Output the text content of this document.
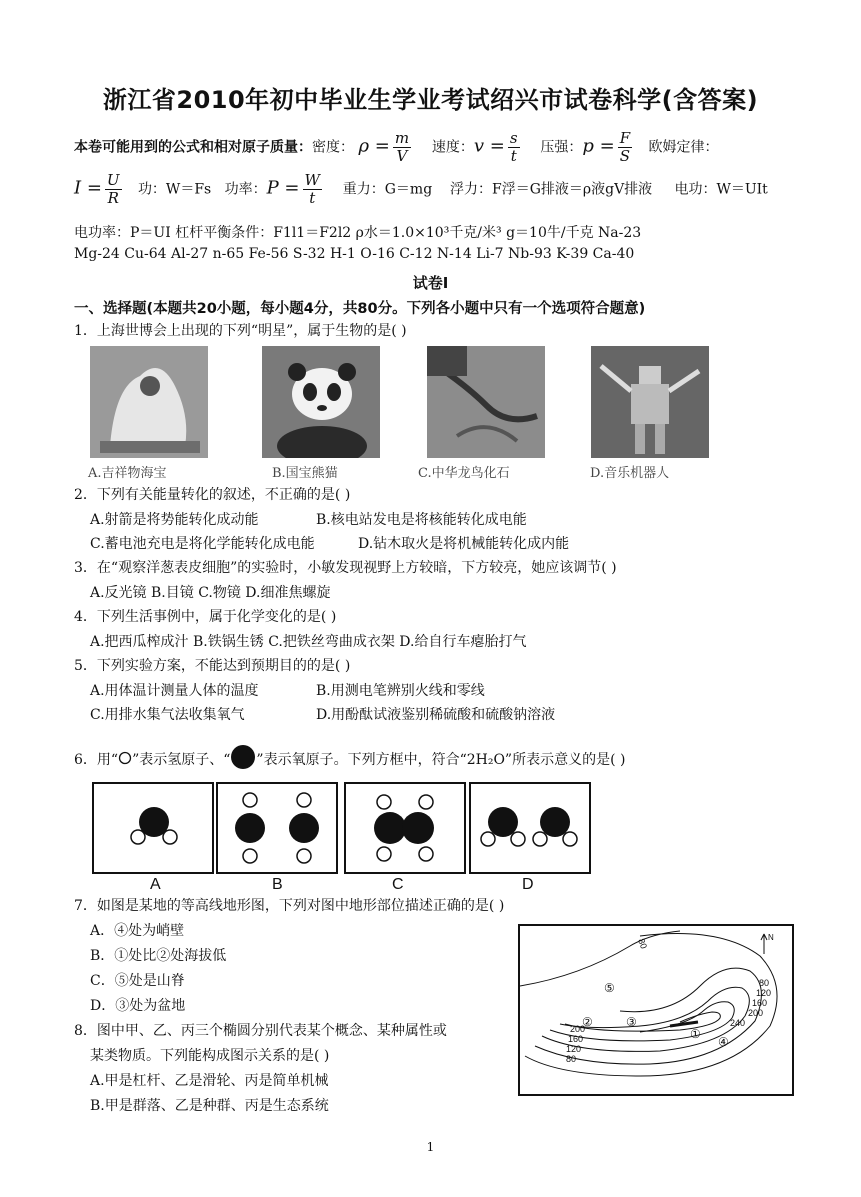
浙江省2010年初中毕业生学业考试绍兴市试卷科学(含答案)
本卷可能用到的公式和相对原子质量：密度： $\rho = \frac{m}{V}$ 速度：$v = \frac{s}{t}$ 压强：$p = \frac{F}{S}$ 欧姆定律：
$I = \frac{U}{R}$ 功：W＝Fs 功率：$P = \frac{W}{t}$ 重力：G＝mg 浮力：F浮＝G排液＝ρ液gV排液 电功：W＝UIt
电功率：P＝UI 杠杆平衡条件：F1l1＝F2l2 ρ水＝1.0×10³千克/米³ g＝10牛/千克 Na-23
Mg-24 Cu-64 Al-27 n-65 Fe-56 S-32 H-1 O-16 C-12 N-14 Li-7 Nb-93 K-39 Ca-40
试卷Ⅰ
一、选择题(本题共20小题，每小题4分，共80分。下列各小题中只有一个选项符合题意)
1．上海世博会上出现的下列“明星”，属于生物的是( )
A.吉祥物海宝	B.国宝熊猫	C.中华龙鸟化石	D.音乐机器人
2．下列有关能量转化的叙述，不正确的是( )
A.射箭是将势能转化成动能	B.核电站发电是将核能转化成电能
C.蓄电池充电是将化学能转化成电能	D.钻木取火是将机械能转化成内能
3．在“观察洋葱表皮细胞”的实验时，小敏发现视野上方较暗，下方较亮，她应该调节( )
A.反光镜 B.目镜 C.物镜 D.细准焦螺旋
4．下列生活事例中，属于化学变化的是( )
A.把西瓜榨成汁 B.铁锅生锈 C.把铁丝弯曲成衣架 D.给自行车瘪胎打气
5．下列实验方案，不能达到预期目的的是( )
A.用体温计测量人体的温度	B.用测电笔辨别火线和零线
C.用排水集气法收集氧气	D.用酚酞试液鉴别稀硫酸和硫酸钠溶液
6．用“ ”表示氢原子、“ ”表示氧原子。下列方框中，符合“2H₂O”所表示意义的是( )
A	B	C	D
7．如图是某地的等高线地形图，下列对图中地形部位描述正确的是( )
A．④处为峭壁
B．①处比②处海拔低
C．⑤处是山脊
D．③处为盆地
80
80
120
160
200
240
200
160
120
80
①
②	③
④
⑤
N
8．图中甲、乙、丙三个椭圆分别代表某个概念、某种属性或
某类物质。下列能构成图示关系的是( )
A.甲是杠杆、乙是滑轮、丙是简单机械
B.甲是群落、乙是种群、丙是生态系统
1
